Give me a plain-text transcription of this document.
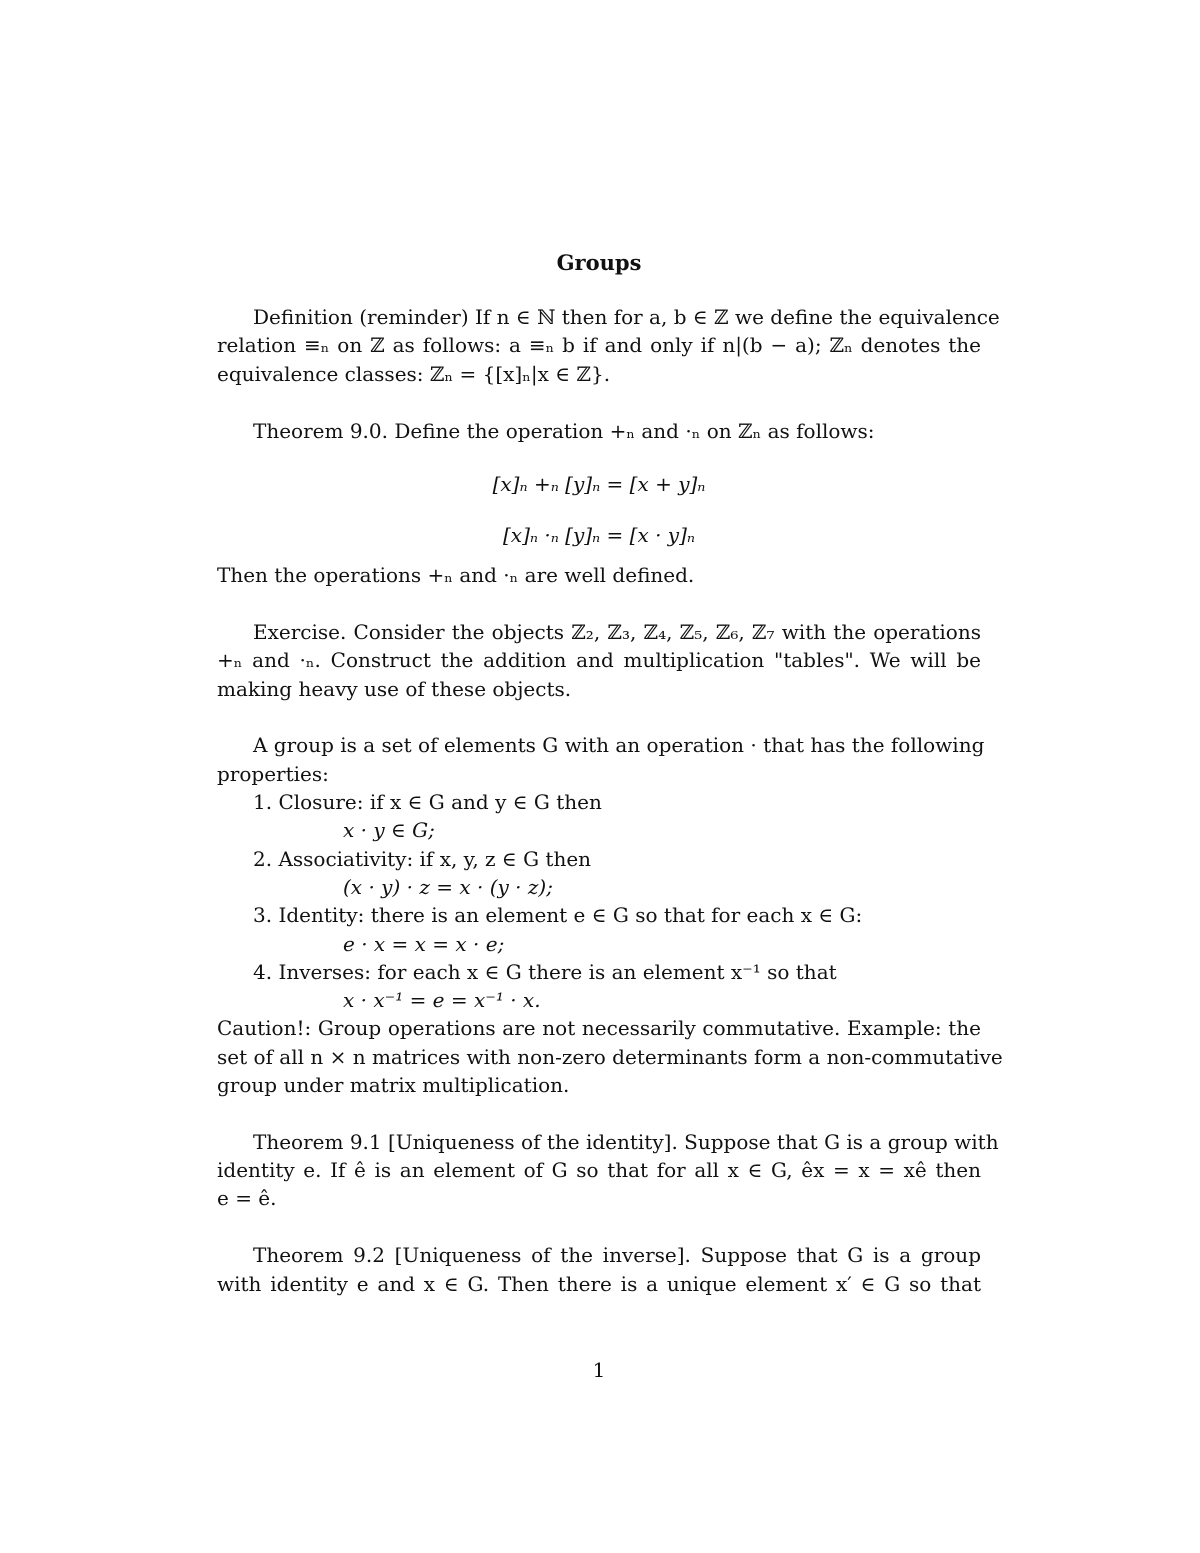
Groups
Definition (reminder) If n ∈ ℕ then for a, b ∈ ℤ we define the equivalence
relation ≡ₙ on ℤ as follows: a ≡ₙ b if and only if n|(b − a); ℤₙ denotes the
equivalence classes: ℤₙ = {[x]ₙ|x ∈ ℤ}.
Theorem 9.0. Define the operation +ₙ and ·ₙ on ℤₙ as follows:
[x]ₙ +ₙ [y]ₙ = [x + y]ₙ
[x]ₙ ·ₙ [y]ₙ = [x · y]ₙ
Then the operations +ₙ and ·ₙ are well defined.
Exercise. Consider the objects ℤ₂, ℤ₃, ℤ₄, ℤ₅, ℤ₆, ℤ₇ with the operations
+ₙ and ·ₙ. Construct the addition and multiplication "tables". We will be
making heavy use of these objects.
A group is a set of elements G with an operation · that has the following
properties:
1. Closure: if x ∈ G and y ∈ G then
x · y ∈ G;
2. Associativity: if x, y, z ∈ G then
(x · y) · z = x · (y · z);
3. Identity: there is an element e ∈ G so that for each x ∈ G:
e · x = x = x · e;
4. Inverses: for each x ∈ G there is an element x⁻¹ so that
x · x⁻¹ = e = x⁻¹ · x.
Caution!: Group operations are not necessarily commutative. Example: the
set of all n × n matrices with non-zero determinants form a non-commutative
group under matrix multiplication.
Theorem 9.1 [Uniqueness of the identity]. Suppose that G is a group with
identity e. If ê is an element of G so that for all x ∈ G, êx = x = xê then
e = ê.
Theorem 9.2 [Uniqueness of the inverse]. Suppose that G is a group
with identity e and x ∈ G. Then there is a unique element x′ ∈ G so that
1
